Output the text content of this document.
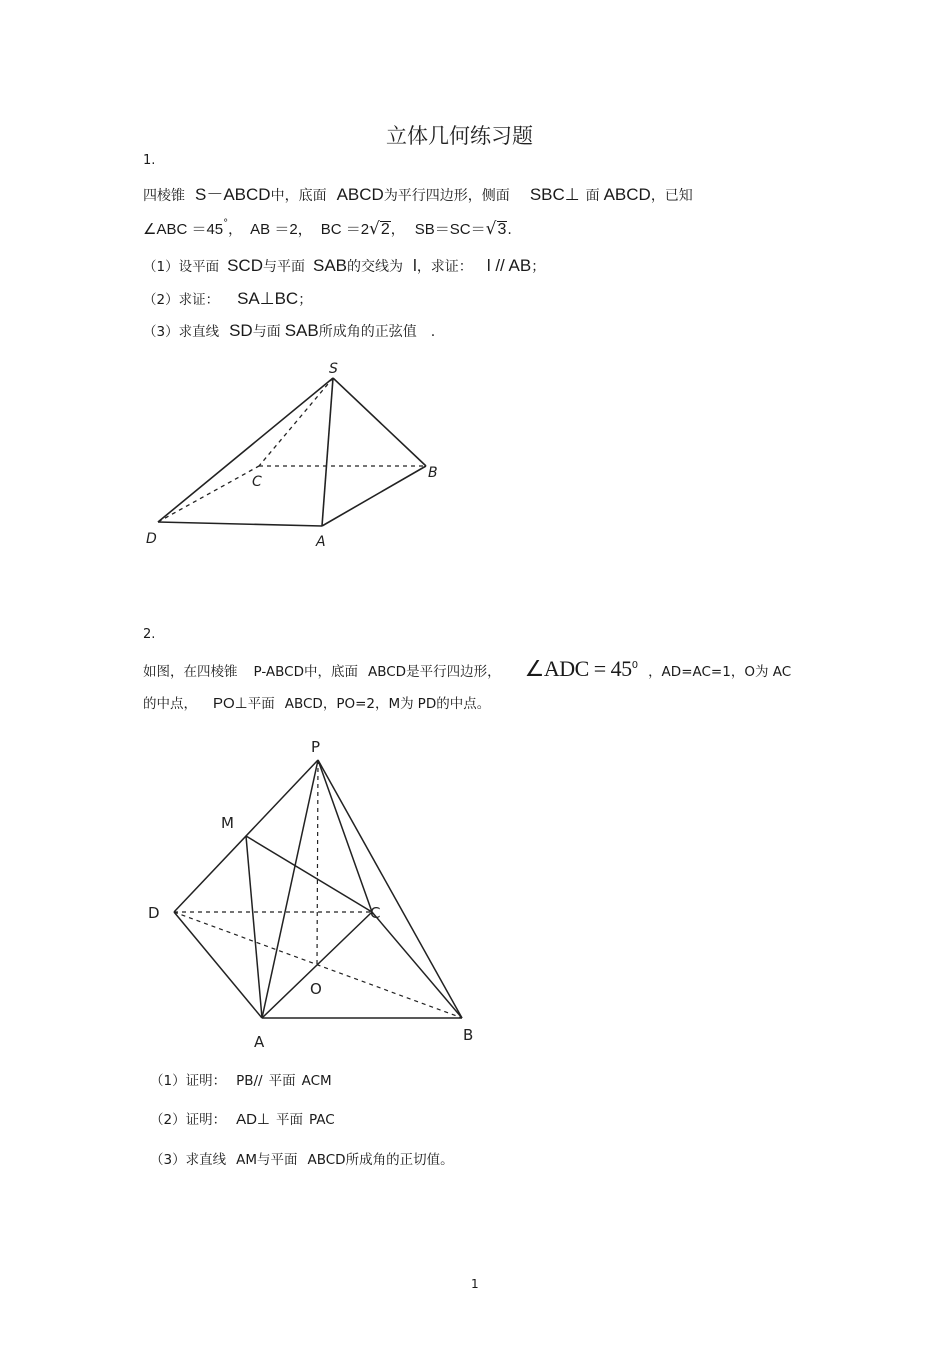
立体几何练习题
1.
四棱锥 S－ABCD 中，底面 ABCD 为平行四边形，侧面 SBC⊥ 面 ABCD ，已知
∠ABC ＝45 ° ， AB ＝2， BC ＝2 √ 2 ， SB＝SC＝ √ 3 .
（1）设平面 SCD 与平面 SAB 的交线为 l ，求证： l // AB ；
（2）求证： SA⊥BC ；
（3）求直线 SD 与面 SAB 所成角的正弦值 .
S
B
C
D	A
P
M
D	C
O
A	B
2.
如图，在四棱锥 P-ABCD 中，底面 ABCD 是平行四边形， ∠ADC = 45 0 ，AD=AC=1 ，O为 AC
的中点， PO⊥ 平面 ABCD ，PO=2 ，M为 PD 的中点。
（1）证明： PB// 平面 ACM
（2）证明： AD⊥ 平面 PAC
（3）求直线 AM 与平面 ABCD 所成角的正切值。
1
